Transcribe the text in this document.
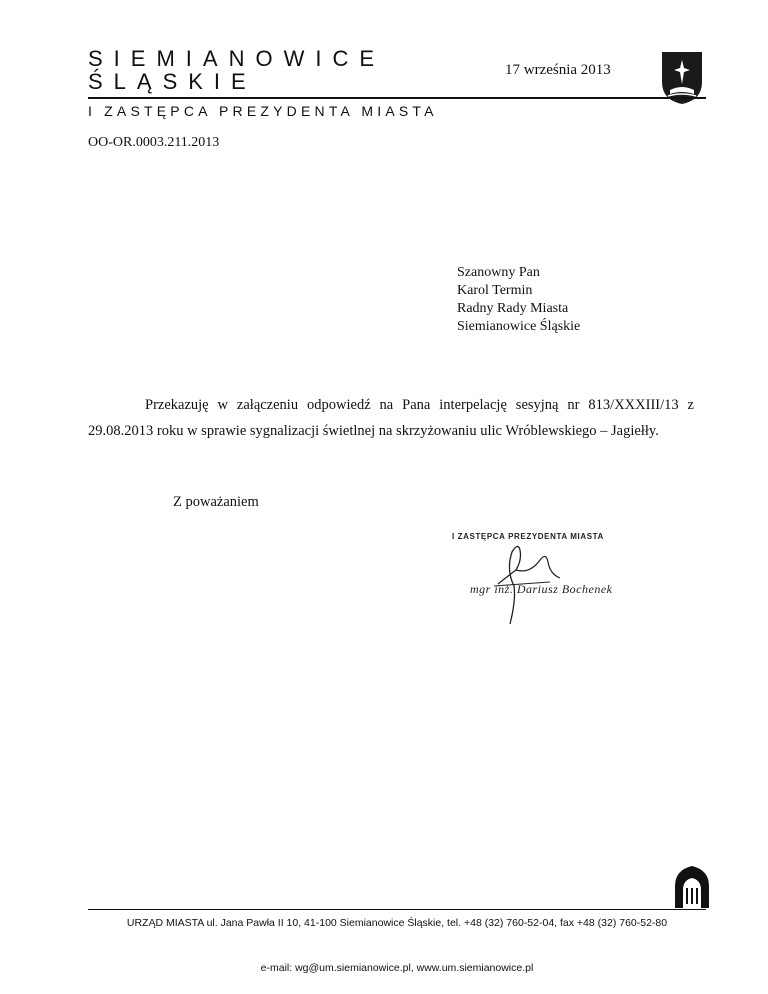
SIEMIANOWICE
ŚLĄSKIE	17 września 2013
I ZASTĘPCA PREZYDENTA MIASTA
OO-OR.0003.211.2013
Szanowny Pan
Karol Termin
Radny Rady Miasta
Siemianowice Śląskie

Przekazuję w załączeniu odpowiedź na Pana interpelację sesyjną nr 813/XXXIII/13 z 29.08.2013 roku w sprawie sygnalizacji świetlnej na skrzyżowaniu ulic Wróblewskiego – Jagiełły.

Z poważaniem
I ZASTĘPCA PREZYDENTA MIASTA
mgr inż. Dariusz Bochenek
URZĄD MIASTA ul. Jana Pawła II 10, 41-100 Siemianowice Śląskie, tel. +48 (32) 760-52-04, fax +48 (32) 760-52-80
e-mail: wg@um.siemianowice.pl, www.um.siemianowice.pl
